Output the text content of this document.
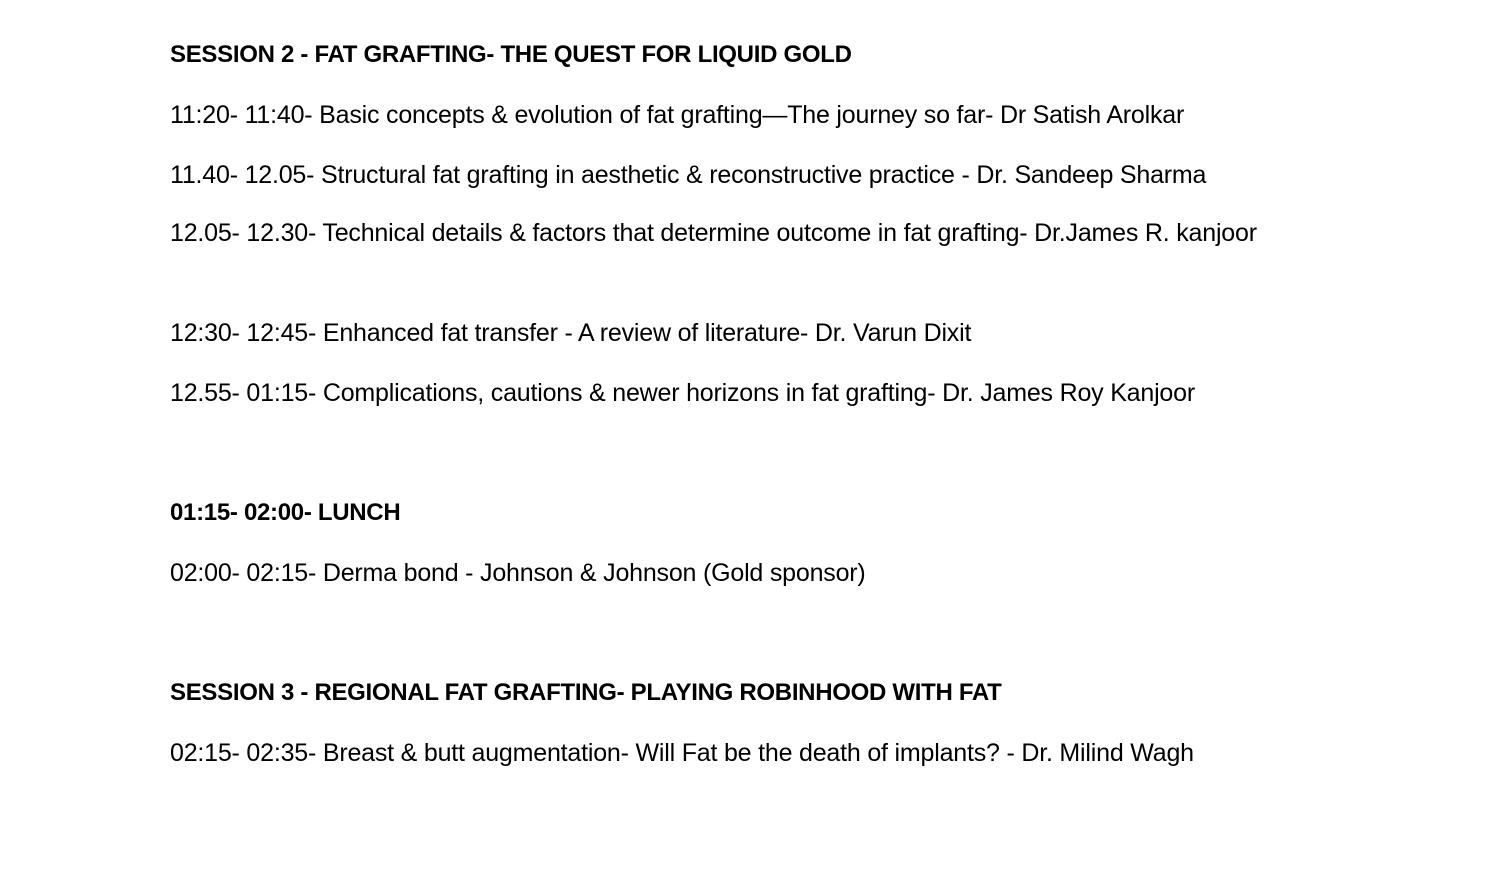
SESSION 2 - FAT GRAFTING- THE QUEST FOR LIQUID GOLD
11:20- 11:40- Basic concepts & evolution of fat grafting—The journey so far- Dr Satish Arolkar
11.40- 12.05- Structural fat grafting in aesthetic & reconstructive practice - Dr. Sandeep Sharma
12.05- 12.30- Technical details & factors that determine outcome in fat grafting- Dr.James R. kanjoor
12:30- 12:45- Enhanced fat transfer - A review of literature- Dr. Varun Dixit
12.55- 01:15- Complications, cautions & newer horizons in fat grafting- Dr. James Roy Kanjoor
01:15- 02:00- LUNCH
02:00- 02:15- Derma bond - Johnson & Johnson (Gold sponsor)
SESSION 3 - REGIONAL FAT GRAFTING- PLAYING ROBINHOOD WITH FAT
02:15- 02:35- Breast & butt augmentation- Will Fat be the death of implants? - Dr. Milind Wagh
